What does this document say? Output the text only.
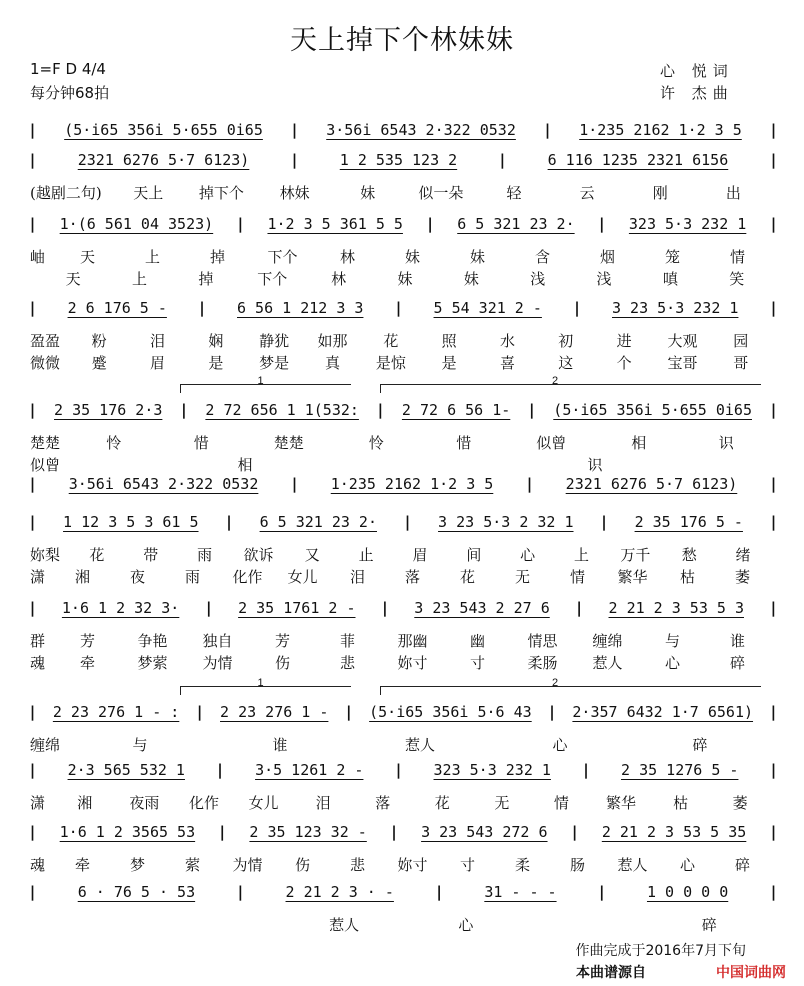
天上掉下个林妹妹
1=F D 4/4
每分钟68拍
心 悦词
许 杰曲
| (5·i65 356i 5·655 0i65 | 3·56i 6543 2·322 0532 | 1·235 2162 1·2 3 5 |
|	2321 6276 5·7 6123)	|	1 2 535 123 2	|	6 116 1235 2321 6156	|
(越剧二句)	天上	掉下个	林妹	妹	似一朵	轻	云	刚	出
| 1·(6 561 04 3523) | 1·2 3 5 361 5 5 | 6 5 321 23 2· | 323 5·3 232 1 |
岫	天	上	掉	下个	林	妹	妹	含	烟	笼	情
天	上	掉	下个	林	妹	妹	浅	浅	嗔	笑
| 2 6 176 5 - | 6 56 1 212 3 3 | 5 54 321 2 - | 3 23 5·3 232 1 |
盈盈	粉	泪	娴	静犹	如那	花	照	水	初	进	大观	园
微微	蹙	眉	是	梦是	真	是惊	是	喜	这	个	宝哥	哥
| 2 35 176 2·3 | 2 72 656 1 1(532: | 2 72 6 56 1- | (5·i65 356i 5·655 0i65 |
楚楚	怜	惜	楚楚	怜	惜	似曾	相	识
似曾	相	识
1	2
| 3·56i 6543 2·322 0532 | 1·235 2162 1·2 3 5 | 2321 6276 5·7 6123) |
| 1 12 3 5 3 61 5 | 6 5 321 23 2· | 3 23 5·3 2 32 1 | 2 35 176 5 - |
妳梨	花	带	雨	欲诉	又	止	眉	间	心	上	万千	愁	绪
潇	湘	夜	雨	化作	女儿	泪	落	花	无	情	繁华	枯	萎
| 1·6 1 2 32 3· | 2 35 1761 2 - | 3 23 543 2 27 6 | 2 21 2 3 53 5 3 |
群	芳	争艳	独自	芳	菲	那幽	幽	情思	缠绵	与	谁
魂	牵	梦萦	为情	伤	悲	妳寸	寸	柔肠	惹人	心	碎
| 2 23 276 1 - : | 2 23 276 1 - | (5·i65 356i 5·6 43 | 2·357 6432 1·7 6561) |
缠绵	与	谁	惹人	心	碎
1	2
| 2·3 565 532 1 | 3·5 1261 2 - | 323 5·3 232 1 | 2 35 1276 5 - |
潇	湘	夜雨	化作	女儿	泪	落	花	无	情	繁华	枯	萎
| 1·6 1 2 3565 53 | 2 35 123 32 - | 3 23 543 272 6 | 2 21 2 3 53 5 35 |
魂	牵	梦	萦	为情	伤	悲	妳寸	寸	柔	肠	惹人	心	碎
|	6 · 76 5 · 53	|	2 21 2 3 · -	|	31 - - -	|	1 0 0 0 0	|
惹人	心	碎
作曲完成于2016年7月下旬
本曲谱源自	中国词曲网
